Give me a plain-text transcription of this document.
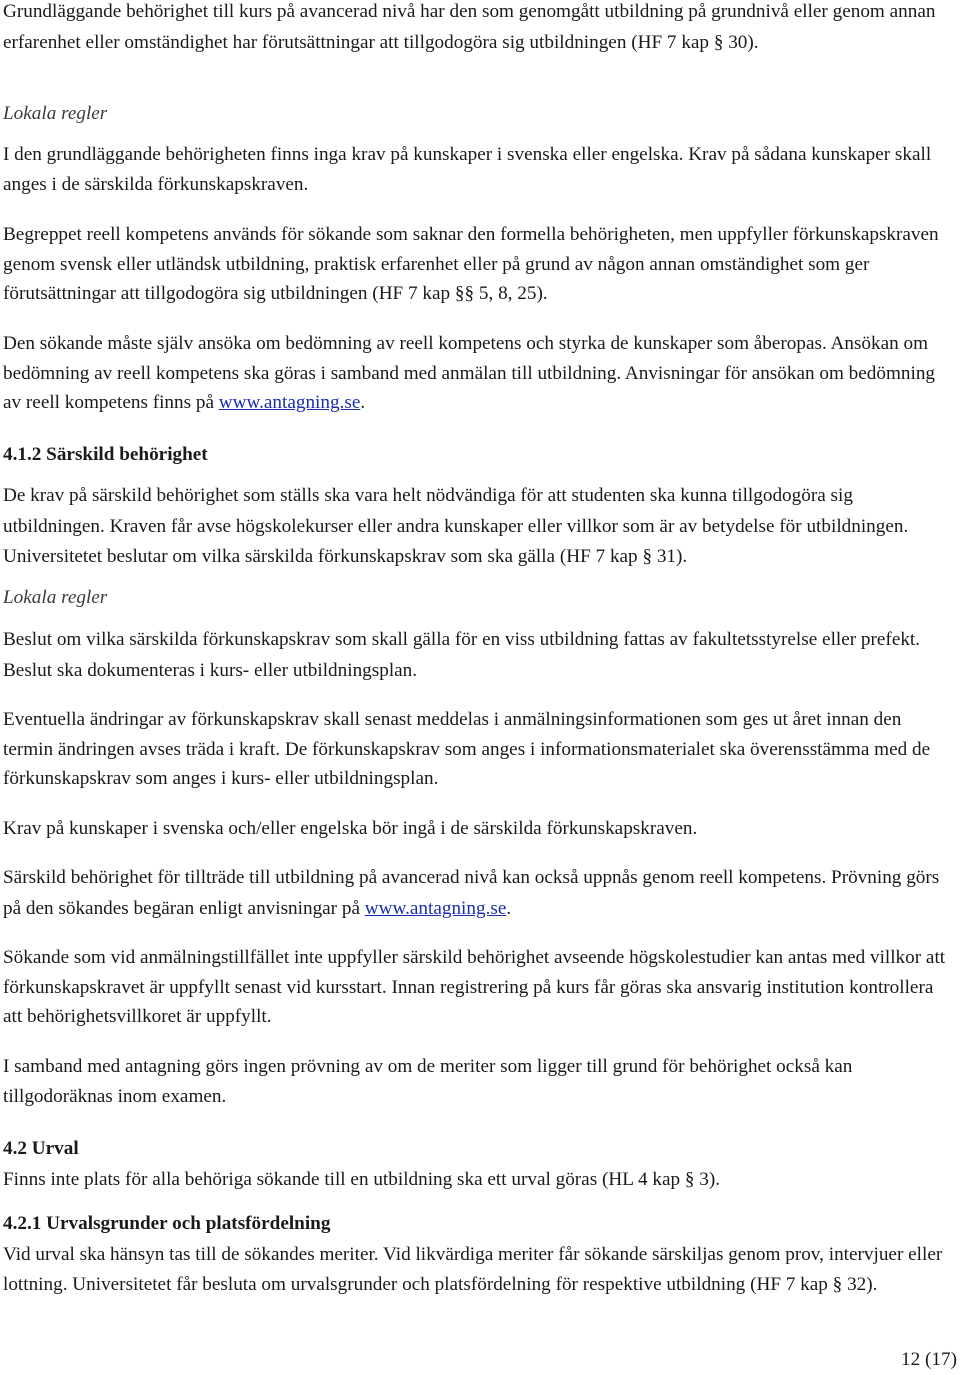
Grundläggande behörighet till kurs på avancerad nivå har den som genomgått utbildning på grundnivå eller genom annan erfarenhet eller omständighet har förutsättningar att tillgodogöra sig utbildningen (HF 7 kap § 30).

Lokala regler

I den grundläggande behörigheten finns inga krav på kunskaper i svenska eller engelska. Krav på sådana kunskaper skall anges i de särskilda förkunskapskraven.

Begreppet reell kompetens används för sökande som saknar den formella behörigheten, men uppfyller förkunskapskraven genom svensk eller utländsk utbildning, praktisk erfarenhet eller på grund av någon annan omständighet som ger förutsättningar att tillgodogöra sig utbildningen (HF 7 kap §§ 5, 8, 25).

Den sökande måste själv ansöka om bedömning av reell kompetens och styrka de kunskaper som åberopas. Ansökan om bedömning av reell kompetens ska göras i samband med anmälan till utbildning. Anvisningar för ansökan om bedömning av reell kompetens finns på www.antagning.se.

4.1.2 Särskild behörighet

De krav på särskild behörighet som ställs ska vara helt nödvändiga för att studenten ska kunna tillgodogöra sig utbildningen. Kraven får avse högskolekurser eller andra kunskaper eller villkor som är av betydelse för utbildningen. Universitetet beslutar om vilka särskilda förkunskapskrav som ska gälla (HF 7 kap § 31).

Lokala regler

Beslut om vilka särskilda förkunskapskrav som skall gälla för en viss utbildning fattas av fakultetsstyrelse eller prefekt. Beslut ska dokumenteras i kurs- eller utbildningsplan.

Eventuella ändringar av förkunskapskrav skall senast meddelas i anmälningsinformationen som ges ut året innan den termin ändringen avses träda i kraft. De förkunskapskrav som anges i informationsmaterialet ska överensstämma med de förkunskapskrav som anges i kurs- eller utbildningsplan.

Krav på kunskaper i svenska och/eller engelska bör ingå i de särskilda förkunskapskraven.

Särskild behörighet för tillträde till utbildning på avancerad nivå kan också uppnås genom reell kompetens. Prövning görs på den sökandes begäran enligt anvisningar på www.antagning.se.

Sökande som vid anmälningstillfället inte uppfyller särskild behörighet avseende högskolestudier kan antas med villkor att förkunskapskravet är uppfyllt senast vid kursstart. Innan registrering på kurs får göras ska ansvarig institution kontrollera att behörighetsvillkoret är uppfyllt.

I samband med antagning görs ingen prövning av om de meriter som ligger till grund för behörighet också kan tillgodoräknas inom examen.

4.2 Urval

Finns inte plats för alla behöriga sökande till en utbildning ska ett urval göras (HL 4 kap § 3).

4.2.1 Urvalsgrunder och platsfördelning

Vid urval ska hänsyn tas till de sökandes meriter. Vid likvärdiga meriter får sökande särskiljas genom prov, intervjuer eller lottning. Universitetet får besluta om urvalsgrunder och platsfördelning för respektive utbildning (HF 7 kap § 32).

12 (17)
